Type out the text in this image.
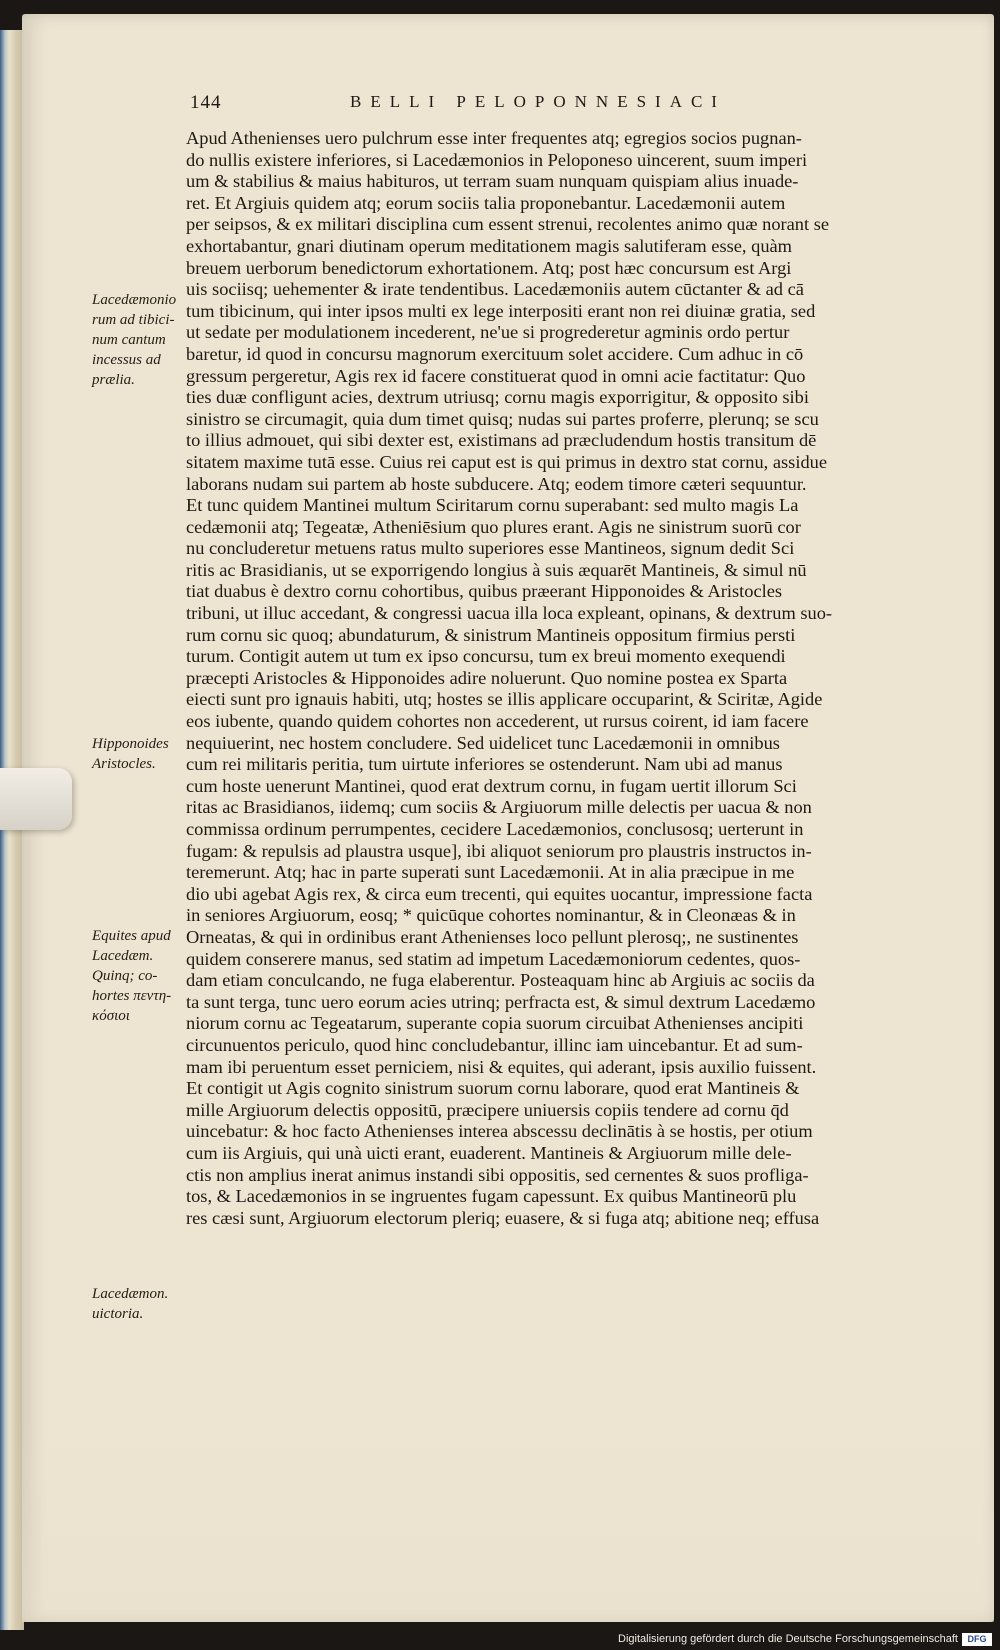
144	BELLI PELOPONNESIACI
Lacedæmonio
rum ad tibici-
num cantum
incessus ad
prælia.
Hipponoides
Aristocles.
Equites apud
Lacedæm.
Quinq; co-
hortes πεντη-
κόσιοι
Lacedæmon.
uictoria.
Apud Athenienses uero pulchrum esse inter frequentes atq; egregios socios pugnan-
do nullis existere inferiores, si Lacedæmonios in Peloponeso uincerent, suum imperi
um & stabilius & maius habituros, ut terram suam nunquam quispiam alius inuade-
ret. Et Argiuis quidem atq; eorum sociis talia proponebantur. Lacedæmonii autem
per seipsos, & ex militari disciplina cum essent strenui, recolentes animo quæ norant se
exhortabantur, gnari diutinam operum meditationem magis salutiferam esse, quàm
breuem uerborum benedictorum exhortationem. Atq; post hæc concursum est Argi
uis sociisq; uehementer & irate tendentibus. Lacedæmoniis autem cūctanter & ad cā
tum tibicinum, qui inter ipsos multi ex lege interpositi erant non rei diuinæ gratia, sed
ut sedate per modulationem incederent, ne'ue si progrederetur agminis ordo pertur
baretur, id quod in concursu magnorum exercituum solet accidere. Cum adhuc in cō
gressum pergeretur, Agis rex id facere constituerat quod in omni acie factitatur: Quo
ties duæ confligunt acies, dextrum utriusq; cornu magis exporrigitur, & opposito sibi
sinistro se circumagit, quia dum timet quisq; nudas sui partes proferre, plerunq; se scu
to illius admouet, qui sibi dexter est, existimans ad præcludendum hostis transitum dē
sitatem maxime tutā esse. Cuius rei caput est is qui primus in dextro stat cornu, assidue
laborans nudam sui partem ab hoste subducere. Atq; eodem timore cæteri sequuntur.
Et tunc quidem Mantinei multum Sciritarum cornu superabant: sed multo magis La
cedæmonii atq; Tegeatæ, Atheniēsium quo plures erant. Agis ne sinistrum suorū cor
nu concluderetur metuens ratus multo superiores esse Mantineos, signum dedit Sci
ritis ac Brasidianis, ut se exporrigendo longius à suis æquarēt Mantineis, & simul nū
tiat duabus è dextro cornu cohortibus, quibus præerant Hipponoides & Aristocles
tribuni, ut illuc accedant, & congressi uacua illa loca expleant, opinans, & dextrum suo-
rum cornu sic quoq; abundaturum, & sinistrum Mantineis oppositum firmius persti
turum. Contigit autem ut tum ex ipso concursu, tum ex breui momento exequendi
præcepti Aristocles & Hipponoides adire noluerunt. Quo nomine postea ex Sparta
eiecti sunt pro ignauis habiti, utq; hostes se illis applicare occuparint, & Sciritæ, Agide
eos iubente, quando quidem cohortes non accederent, ut rursus coirent, id iam facere
nequiuerint, nec hostem concludere. Sed uidelicet tunc Lacedæmonii in omnibus
cum rei militaris peritia, tum uirtute inferiores se ostenderunt. Nam ubi ad manus
cum hoste uenerunt Mantinei, quod erat dextrum cornu, in fugam uertit illorum Sci
ritas ac Brasidianos, iidemq; cum sociis & Argiuorum mille delectis per uacua & non
commissa ordinum perrumpentes, cecidere Lacedæmonios, conclusosq; uerterunt in
fugam: & repulsis ad plaustra usque], ibi aliquot seniorum pro plaustris instructos in-
teremerunt. Atq; hac in parte superati sunt Lacedæmonii. At in alia præcipue in me
dio ubi agebat Agis rex, & circa eum trecenti, qui equites uocantur, impressione facta
in seniores Argiuorum, eosq; * quicūque cohortes nominantur, & in Cleonæas & in
Orneatas, & qui in ordinibus erant Athenienses loco pellunt plerosq;, ne sustinentes
quidem conserere manus, sed statim ad impetum Lacedæmoniorum cedentes, quos-
dam etiam conculcando, ne fuga elaberentur. Posteaquam hinc ab Argiuis ac sociis da
ta sunt terga, tunc uero eorum acies utrinq; perfracta est, & simul dextrum Lacedæmo
niorum cornu ac Tegeatarum, superante copia suorum circuibat Athenienses ancipiti
circunuentos periculo, quod hinc concludebantur, illinc iam uincebantur. Et ad sum-
mam ibi peruentum esset perniciem, nisi & equites, qui aderant, ipsis auxilio fuissent.
Et contigit ut Agis cognito sinistrum suorum cornu laborare, quod erat Mantineis &
mille Argiuorum delectis oppositū, præcipere uniuersis copiis tendere ad cornu q̄d
uincebatur: & hoc facto Athenienses interea abscessu declinātis à se hostis, per otium
cum iis Argiuis, qui unà uicti erant, euaderent. Mantineis & Argiuorum mille dele-
ctis non amplius inerat animus instandi sibi oppositis, sed cernentes & suos profliga-
tos, & Lacedæmonios in se ingruentes fugam capessunt. Ex quibus Mantineorū plu
res cæsi sunt, Argiuorum electorum pleriq; euasere, & si fuga atq; abitione neq; effusa
Digitalisierung gefördert durch die Deutsche Forschungsgemeinschaft	DFG
